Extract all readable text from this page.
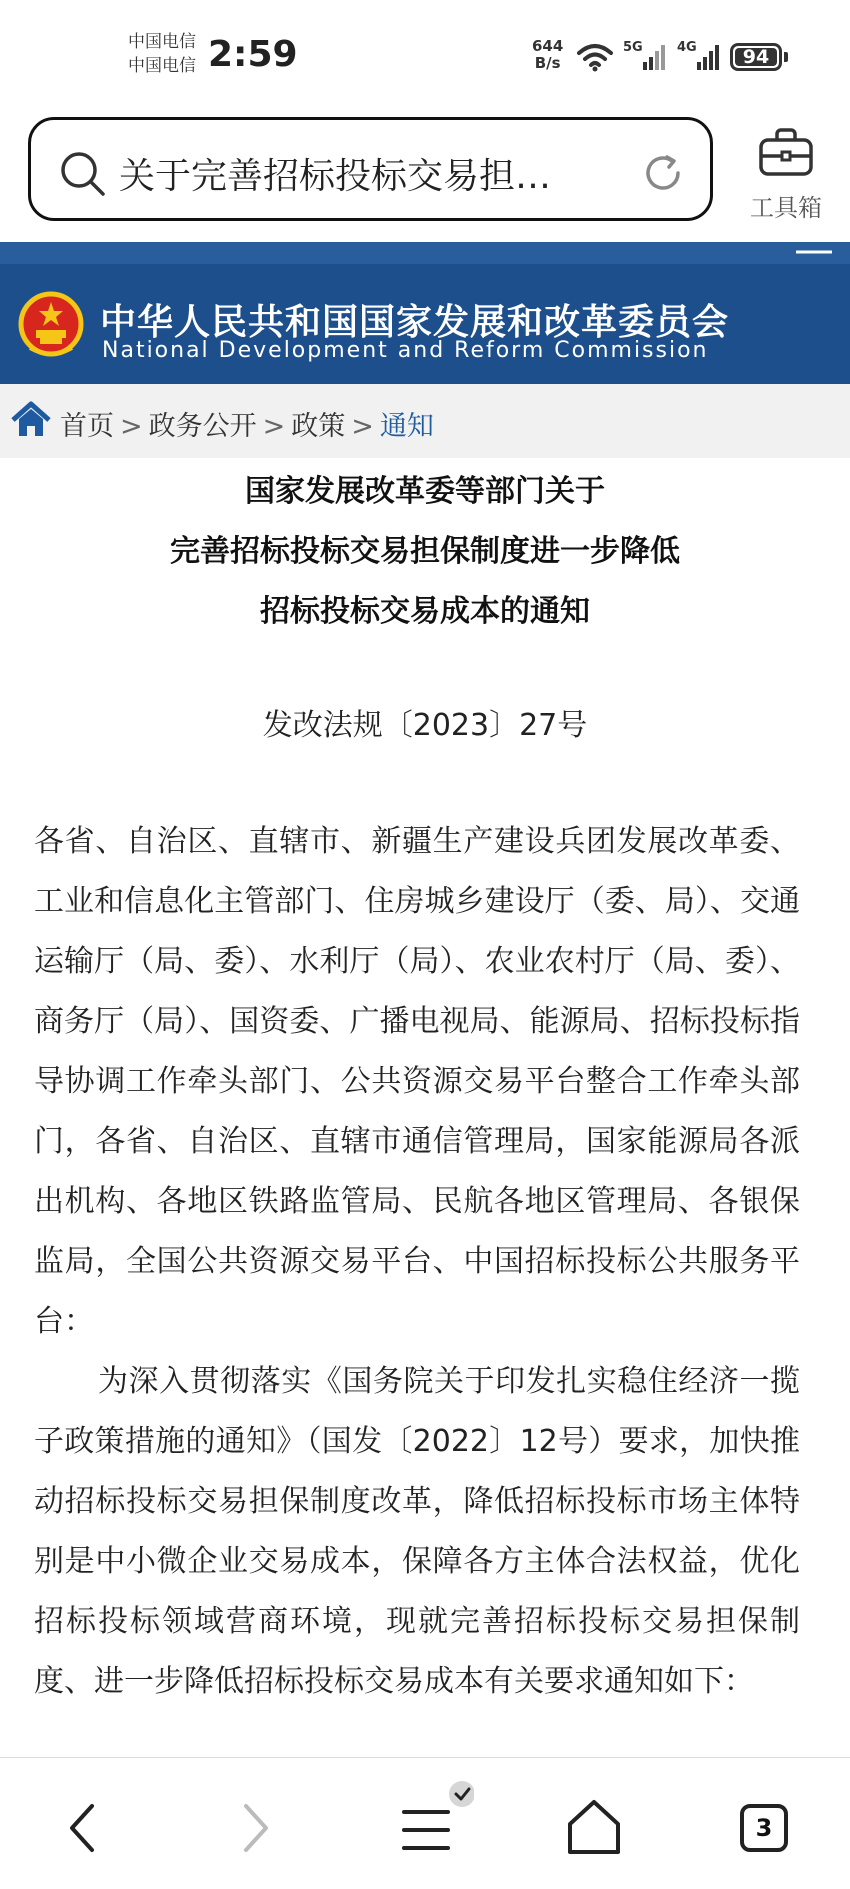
中国电信
中国电信 2:59	644
B/s
5G	4G	94
关于完善招标投标交易担…
工具箱
中华人民共和国国家发展和改革委员会
National Development and Reform Commission
首页 > 政务公开 > 政策 > 通知
国家发展改革委等部门关于
完善招标投标交易担保制度进一步降低
招标投标交易成本的通知
发改法规〔2023〕27号

各省、自治区、直辖市、新疆生产建设兵团发展改革委、工业和信息化主管部门、住房城乡建设厅（委、局）、交通运输厅（局、委）、水利厅（局）、农业农村厅（局、委）、商务厅（局）、国资委、广播电视局、能源局、招标投标指导协调工作牵头部门、公共资源交易平台整合工作牵头部门，各省、自治区、直辖市通信管理局，国家能源局各派出机构、各地区铁路监管局、民航各地区管理局、各银保监局，全国公共资源交易平台、中国招标投标公共服务平台：

为深入贯彻落实《国务院关于印发扎实稳住经济一揽子政策措施的通知》（国发〔2022〕12号）要求，加快推动招标投标交易担保制度改革，降低招标投标市场主体特别是中小微企业交易成本，保障各方主体合法权益，优化招标投标领域营商环境，现就完善招标投标交易担保制度、进一步降低招标投标交易成本有关要求通知如下：

3
